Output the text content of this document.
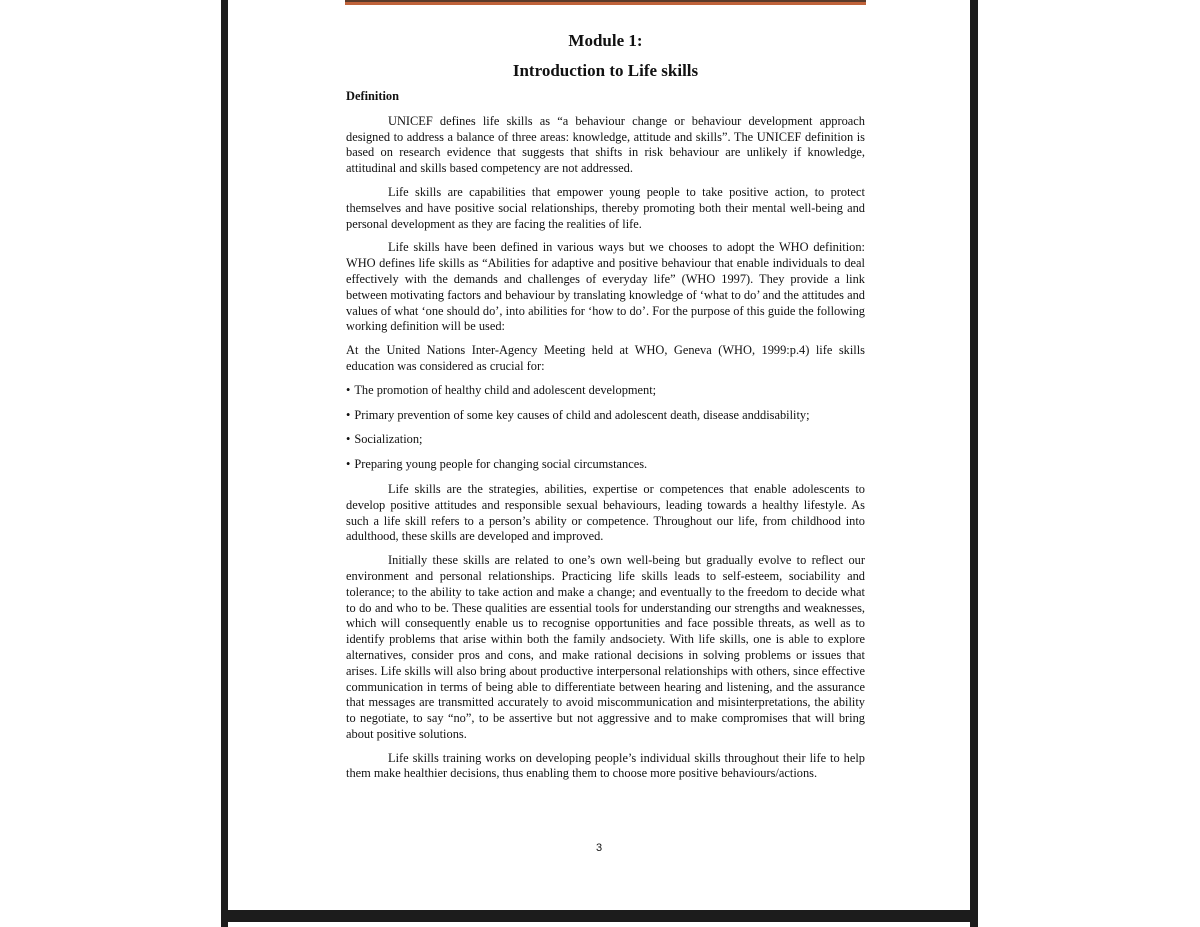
Module 1:
Introduction to Life skills
Definition

UNICEF defines life skills as “a behaviour change or behaviour development approach designed to address a balance of three areas: knowledge, attitude and skills”. The UNICEF definition is based on research evidence that suggests that shifts in risk behaviour are unlikely if knowledge, attitudinal and skills based competency are not addressed.

Life skills are capabilities that empower young people to take positive action, to protect themselves and have positive social relationships, thereby promoting both their mental well-being and personal development as they are facing the realities of life.

Life skills have been defined in various ways but we chooses to adopt the WHO definition: WHO defines life skills as “Abilities for adaptive and positive behaviour that enable individuals to deal effectively with the demands and challenges of everyday life” (WHO 1997). They provide a link between motivating factors and behaviour by translating knowledge of ‘what to do’ and the attitudes and values of what ‘one should do’, into abilities for ‘how to do’. For the purpose of this guide the following working definition will be used:

At the United Nations Inter-Agency Meeting held at WHO, Geneva (WHO, 1999:p.4) life skills education was considered as crucial for:

• The promotion of healthy child and adolescent development;
• Primary prevention of some key causes of child and adolescent death, disease anddisability;
• Socialization;
• Preparing young people for changing social circumstances.

Life skills are the strategies, abilities, expertise or competences that enable adolescents to develop positive attitudes and responsible sexual behaviours, leading towards a healthy lifestyle. As such a life skill refers to a person’s ability or competence. Throughout our life, from childhood into adulthood, these skills are developed and improved.

Initially these skills are related to one’s own well-being but gradually evolve to reflect our environment and personal relationships. Practicing life skills leads to self-esteem, sociability and tolerance; to the ability to take action and make a change; and eventually to the freedom to decide what to do and who to be. These qualities are essential tools for understanding our strengths and weaknesses, which will consequently enable us to recognise opportunities and face possible threats, as well as to identify problems that arise within both the family andsociety. With life skills, one is able to explore alternatives, consider pros and cons, and make rational decisions in solving problems or issues that arises. Life skills will also bring about productive interpersonal relationships with others, since effective communication in terms of being able to differentiate between hearing and listening, and the assurance that messages are transmitted accurately to avoid miscommunication and misinterpretations, the ability to negotiate, to say “no”, to be assertive but not aggressive and to make compromises that will bring about positive solutions.

Life skills training works on developing people’s individual skills throughout their life to help them make healthier decisions, thus enabling them to choose more positive behaviours/actions.

3
